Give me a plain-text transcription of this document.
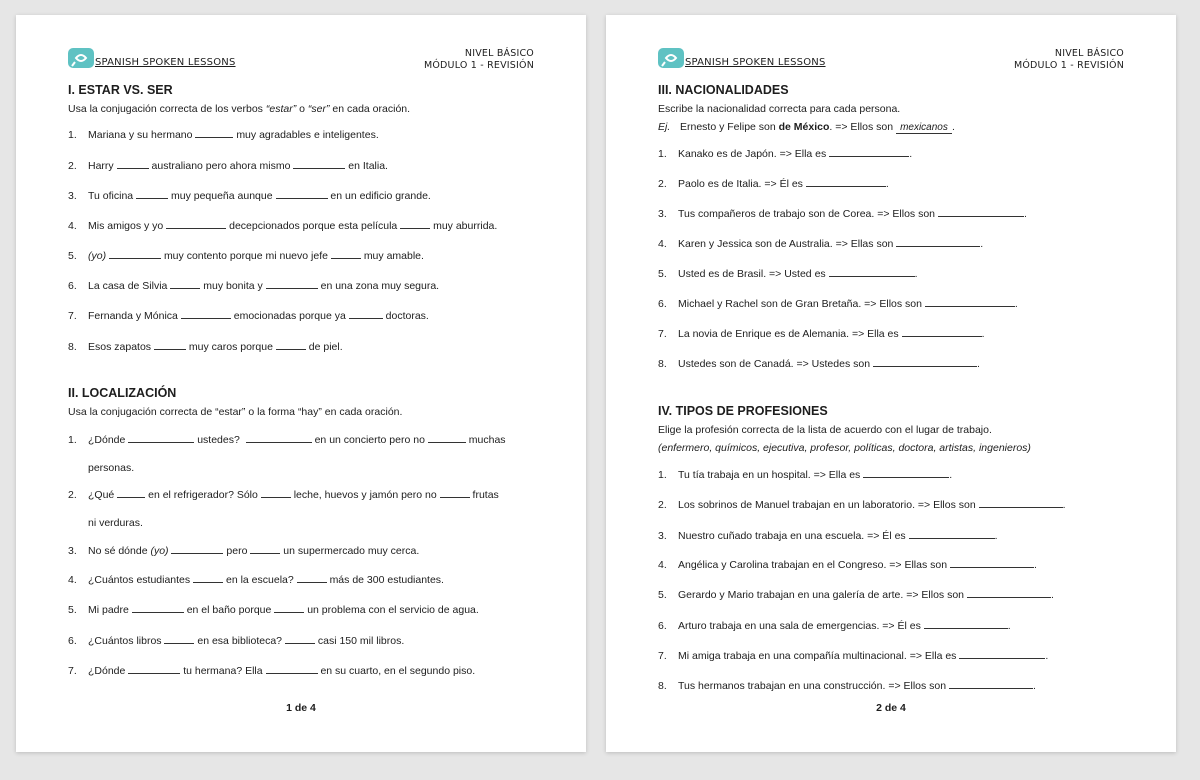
SPANISH SPOKEN LESSONS
NIVEL BÁSICO
MÓDULO 1 - REVISIÓN
I. ESTAR VS. SER
Usa la conjugación correcta de los verbos “estar” o “ser” en cada oración.
1. Mariana y su hermano	muy agradables e inteligentes.
2. Harry	australiano pero ahora mismo	en Italia.
3. Tu oficina	muy pequeña aunque	en un edificio grande.
4. Mis amigos y yo	decepcionados porque esta película	muy aburrida.
5. (yo)	muy contento porque mi nuevo jefe	muy amable.
6. La casa de Silvia	muy bonita y	en una zona muy segura.
7. Fernanda y Mónica	emocionadas porque ya	doctoras.
8. Esos zapatos	muy caros porque	de piel.
II. LOCALIZACIÓN
Usa la conjugación correcta de “estar” o la forma “hay” en cada oración.
1. ¿Dónde	ustedes?	en un concierto pero no	muchas
personas.
2. ¿Qué	en el refrigerador? Sólo	leche, huevos y jamón pero no	frutas
ni verduras.
3. No sé dónde (yo)	pero	un supermercado muy cerca.
4. ¿Cuántos estudiantes	en la escuela?	más de 300 estudiantes.
5. Mi padre	en el baño porque	un problema con el servicio de agua.
6. ¿Cuántos libros	en esa biblioteca?	casi 150 mil libros.
7. ¿Dónde	tu hermana? Ella	en su cuarto, en el segundo piso.
1 de 4
SPANISH SPOKEN LESSONS
NIVEL BÁSICO
MÓDULO 1 - REVISIÓN
III. NACIONALIDADES
Escribe la nacionalidad correcta para cada persona.
Ej. Ernesto y Felipe son de México. => Ellos son mexicanos .
1. Kanako es de Japón. => Ella es	.
2. Paolo es de Italia. => Él es	.
3. Tus compañeros de trabajo son de Corea. => Ellos son	.
4. Karen y Jessica son de Australia. => Ellas son	.
5. Usted es de Brasil. => Usted es	.
6. Michael y Rachel son de Gran Bretaña. => Ellos son	.
7. La novia de Enrique es de Alemania. => Ella es	.
8. Ustedes son de Canadá. => Ustedes son	.
IV. TIPOS DE PROFESIONES
Elige la profesión correcta de la lista de acuerdo con el lugar de trabajo.
(enfermero, químicos, ejecutiva, profesor, políticas, doctora, artistas, ingenieros)
1. Tu tía trabaja en un hospital. => Ella es	.
2. Los sobrinos de Manuel trabajan en un laboratorio. => Ellos son	.
3. Nuestro cuñado trabaja en una escuela. => Él es	.
4. Angélica y Carolina trabajan en el Congreso. => Ellas son	.
5. Gerardo y Mario trabajan en una galería de arte. => Ellos son	.
6. Arturo trabaja en una sala de emergencias. => Él es	.
7. Mi amiga trabaja en una compañía multinacional. => Ella es	.
8. Tus hermanos trabajan en una construcción. => Ellos son	.
2 de 4
